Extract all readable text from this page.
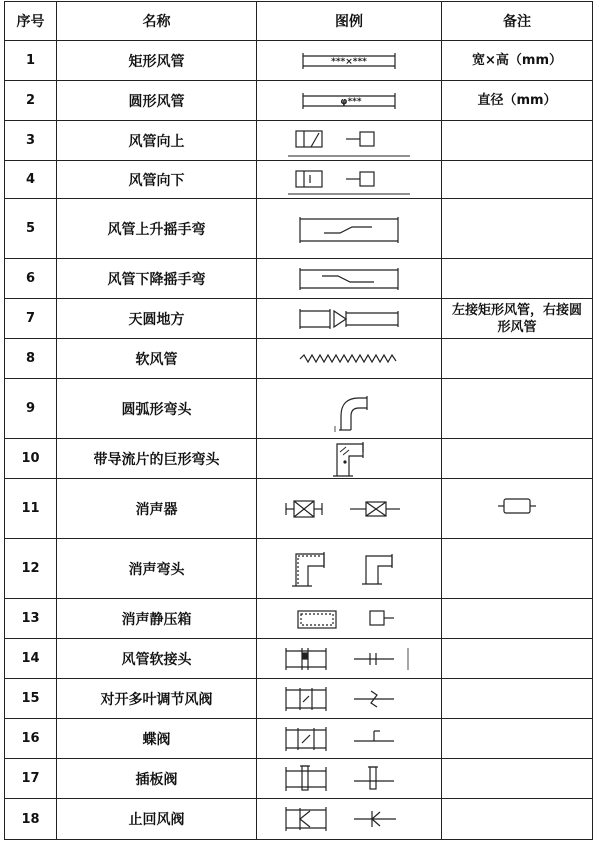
序号	名称	图例	备注
1	矩形风管	***×***	宽×高（mm）
2	圆形风管	φ***	直径（mm）
3	风管向上	

4	风管向下	

5	风管上升摇手弯	

6	风管下降摇手弯	

7	天圆地方		左接矩形风管，右接圆形风管
8	软风管	

9	圆弧形弯头	

10	带导流片的巨形弯头	

11	消声器	

12	消声弯头	

13	消声静压箱	

14	风管软接头	

15	对开多叶调节风阀	

16	蝶阀	

17	插板阀	

18	止回风阀	
